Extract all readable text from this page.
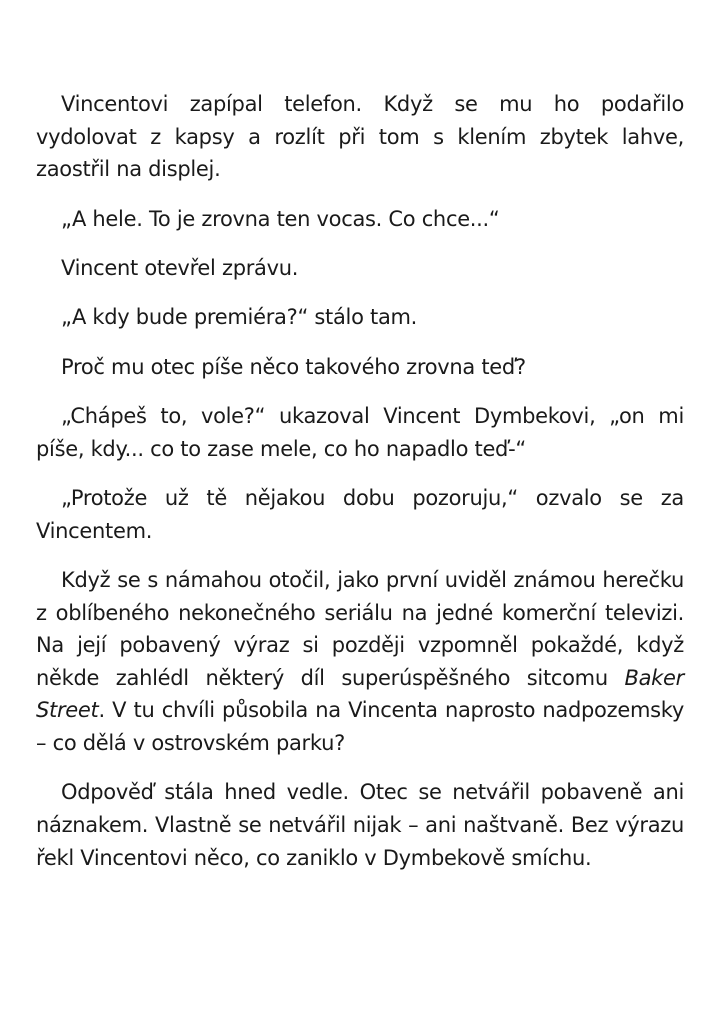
Vincentovi zapípal telefon. Když se mu ho podařilo vydolovat z kapsy a rozlít při tom s klením zbytek lahve, zaostřil na displej.

„A hele. To je zrovna ten vocas. Co chce...“

Vincent otevřel zprávu.

„A kdy bude premiéra?“ stálo tam.

Proč mu otec píše něco takového zrovna teď?

„Chápeš to, vole?“ ukazoval Vincent Dymbekovi, „on mi píše, kdy... co to zase mele, co ho napadlo teď-“

„Protože už tě nějakou dobu pozoruju,“ ozvalo se za Vincentem.

Když se s námahou otočil, jako první uviděl známou herečku z oblíbeného nekonečného seriálu na jedné komerční televizi. Na její pobavený výraz si později vzpomněl pokaždé, když někde zahlédl některý díl superúspěšného sitcomu Baker Street. V tu chvíli působila na Vincenta naprosto nadpozemsky – co dělá v ostrovském parku?

Odpověď stála hned vedle. Otec se netvářil pobaveně ani náznakem. Vlastně se netvářil nijak – ani naštvaně. Bez výrazu řekl Vincentovi něco, co zaniklo v Dymbekově smíchu.
